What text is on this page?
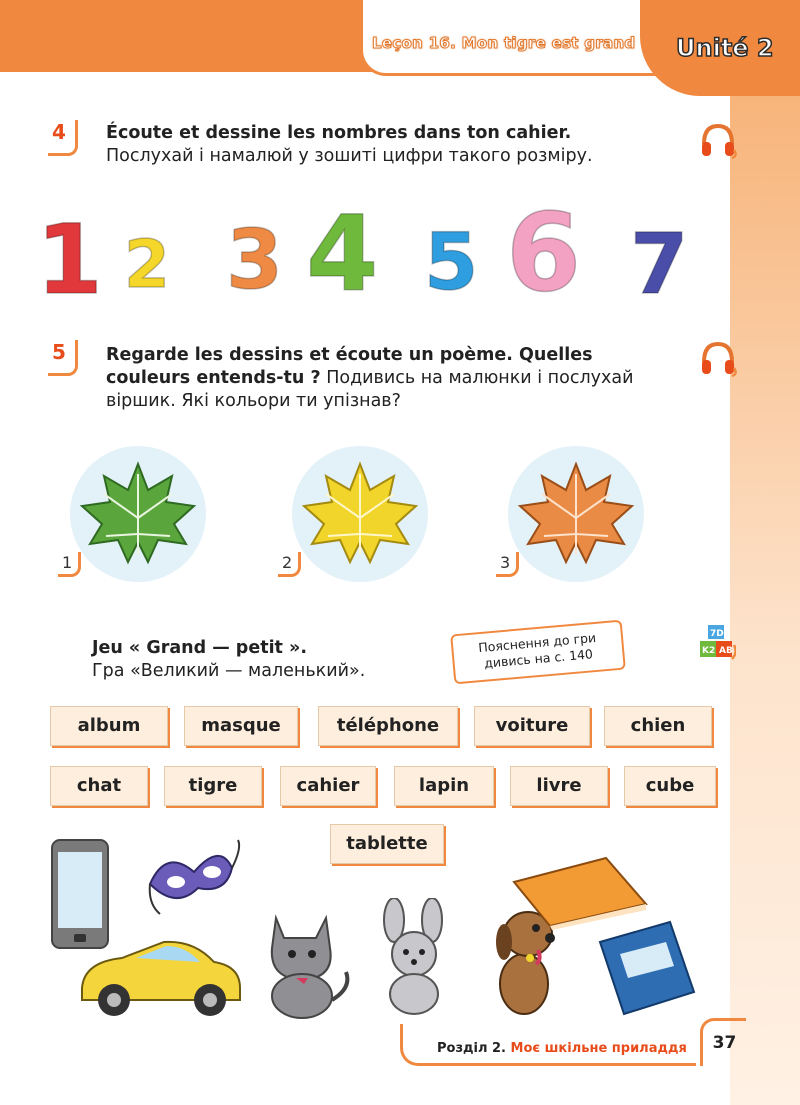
Leçon 16. Mon tigre est grand Unité 2
4	Écoute et dessine les nombres dans ton cahier.
Послухай і намалюй у зошиті цифри такого розміру.
1 2 3 4 5 6 7
5	Regarde les dessins et écoute un poème. Quelles couleurs entends-tu ? Подивись на малюнки і послухай віршик. Які кольори ти упізнав?
1	2	3
Jeu « Grand — petit ».
Гра «Великий — маленький».
Пояснення до гри дивись на с. 140
7D
K2 AB
album	masque	téléphone	voiture	chien
chat	tigre	cahier	lapin	livre	cube
tablette
Розділ 2. Моє шкільне приладдя	37
